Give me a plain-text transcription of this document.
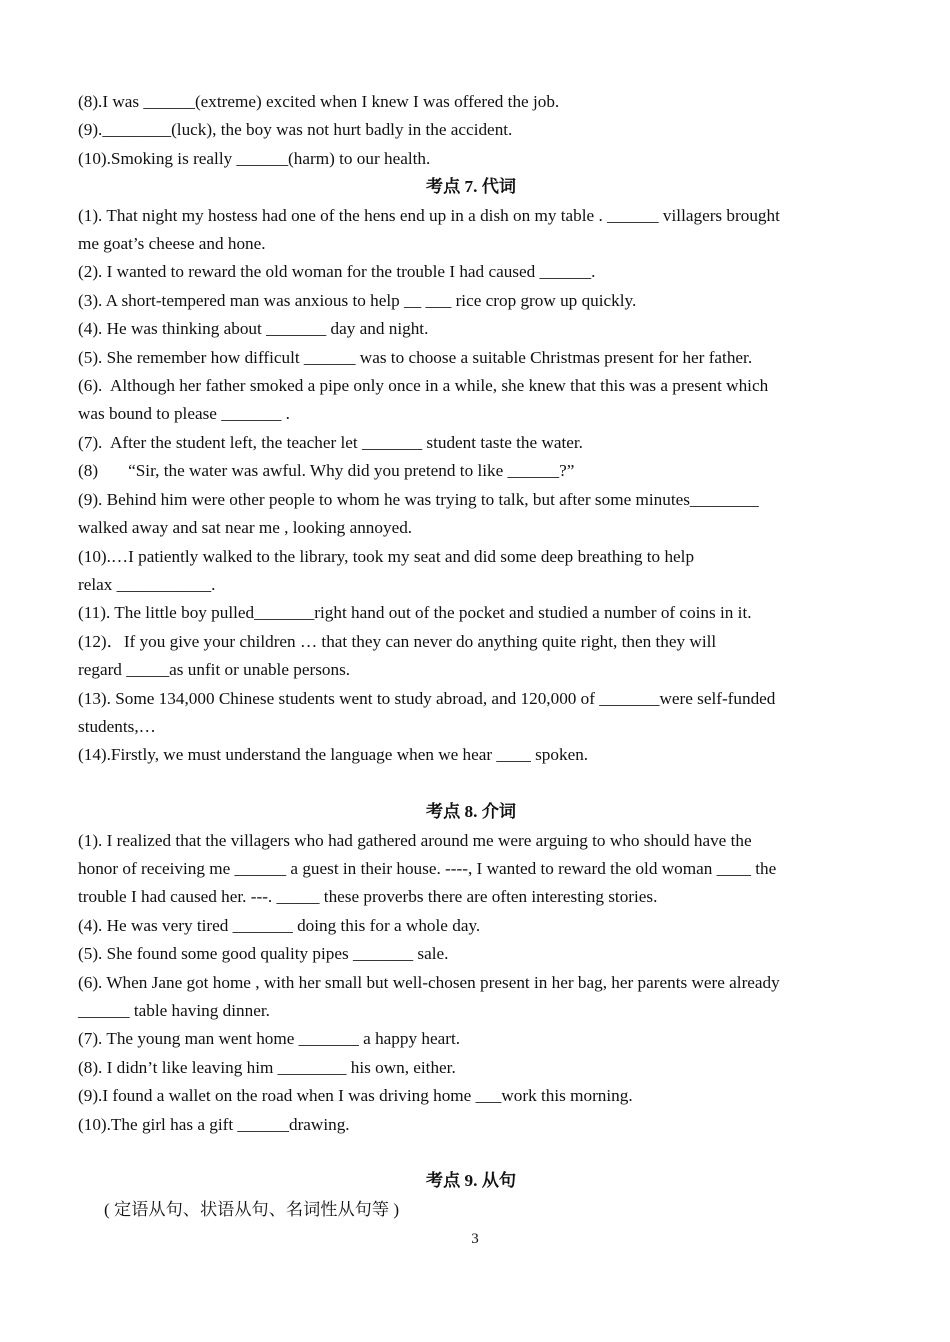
(8).I was ______(extreme) excited when I knew I was offered the job.
(9).________(luck), the boy was not hurt badly in the accident.
(10).Smoking is really ______(harm) to our health.
考点 7. 代词
(1). That night my hostess had one of the hens end up in a dish on my table . ______ villagers brought
me goat’s cheese and hone.
(2). I wanted to reward the old woman for the trouble I had caused ______.
(3). A short-tempered man was anxious to help __ ___ rice crop grow up quickly.
(4). He was thinking about _______ day and night.
(5). She remember how difficult ______ was to choose a suitable Christmas present for her father.
(6).  Although her father smoked a pipe only once in a while, she knew that this was a present which
was bound to please _______ .
(7).  After the student left, the teacher let _______ student taste the water.
(8)       “Sir, the water was awful. Why did you pretend to like ______?”
(9). Behind him were other people to whom he was trying to talk, but after some minutes________
walked away and sat near me , looking annoyed.
(10).…I patiently walked to the library, took my seat and did some deep breathing to help
relax ___________.
(11). The little boy pulled_______right hand out of the pocket and studied a number of coins in it.
(12)．If you give your children … that they can never do anything quite right, then they will
regard _____as unfit or unable persons.
(13). Some 134,000 Chinese students went to study abroad, and 120,000 of _______were self-funded
students,…
(14).Firstly, we must understand the language when we hear ____ spoken.
考点 8. 介词
(1). I realized that the villagers who had gathered around me were arguing to who should have the
honor of receiving me ______ a guest in their house. ----, I wanted to reward the old woman ____ the
trouble I had caused her. ---. _____ these proverbs there are often interesting stories.
(4). He was very tired _______ doing this for a whole day.
(5). She found some good quality pipes _______ sale.
(6). When Jane got home , with her small but well-chosen present in her bag, her parents were already
______ table having dinner.
(7). The young man went home _______ a happy heart.
(8). I didn’t like leaving him ________ his own, either.
(9).I found a wallet on the road when I was driving home ___work this morning.
(10).The girl has a gift ______drawing.
考点 9. 从句
( 定语从句、状语从句、名词性从句等 )
3
